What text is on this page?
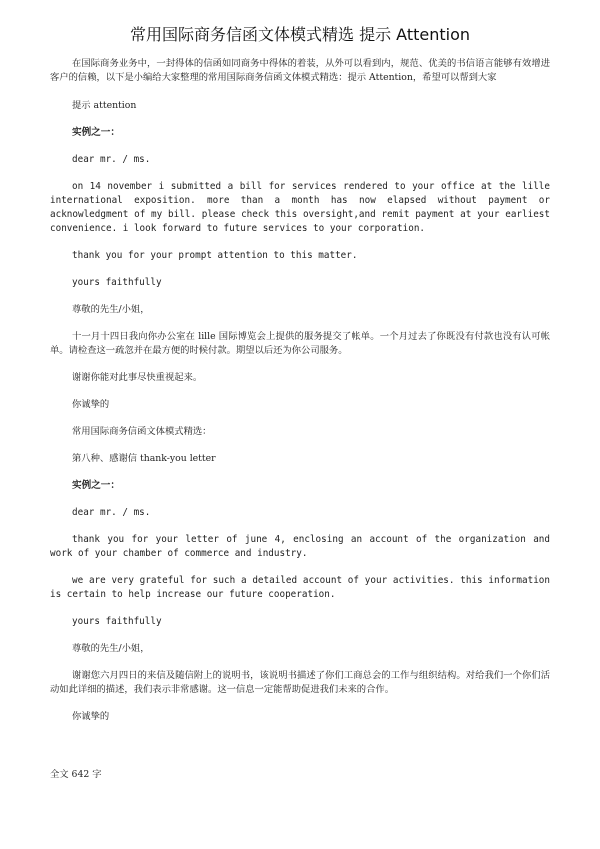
常用国际商务信函文体模式精选 提示 Attention
在国际商务业务中，一封得体的信函如同商务中得体的着装，从外可以看到内，规范、优美的书信语言能够有效增进客户的信赖，以下是小编给大家整理的常用国际商务信函文体模式精选：提示 Attention，希望可以帮到大家
提示 attention
实例之一：
dear mr. / ms.
on 14 november i submitted a bill for services rendered to your office at the lille international exposition. more than a month has now elapsed without payment or acknowledgment of my bill. please check this oversight,and remit payment at your earliest convenience. i look forward to future services to your corporation.
thank you for your prompt attention to this matter.
yours faithfully
尊敬的先生/小姐，
十一月十四日我向你办公室在 lille 国际博览会上提供的服务提交了帐单。一个月过去了你既没有付款也没有认可帐单。请检查这一疏忽并在最方便的时候付款。期望以后还为你公司服务。
谢谢你能对此事尽快重视起来。
你诚挚的
常用国际商务信函文体模式精选：
第八种、感谢信 thank-you letter
实例之一：
dear mr. / ms.
thank you for your letter of june 4, enclosing an account of the organization and work of your chamber of commerce and industry.
we are very grateful for such a detailed account of your activities. this information is certain to help increase our future cooperation.
yours faithfully
尊敬的先生/小姐，
谢谢您六月四日的来信及随信附上的说明书，该说明书描述了你们工商总会的工作与组织结构。对给我们一个你们活动如此详细的描述，我们表示非常感谢。这一信息一定能帮助促进我们未来的合作。
你诚挚的
全文 642 字
